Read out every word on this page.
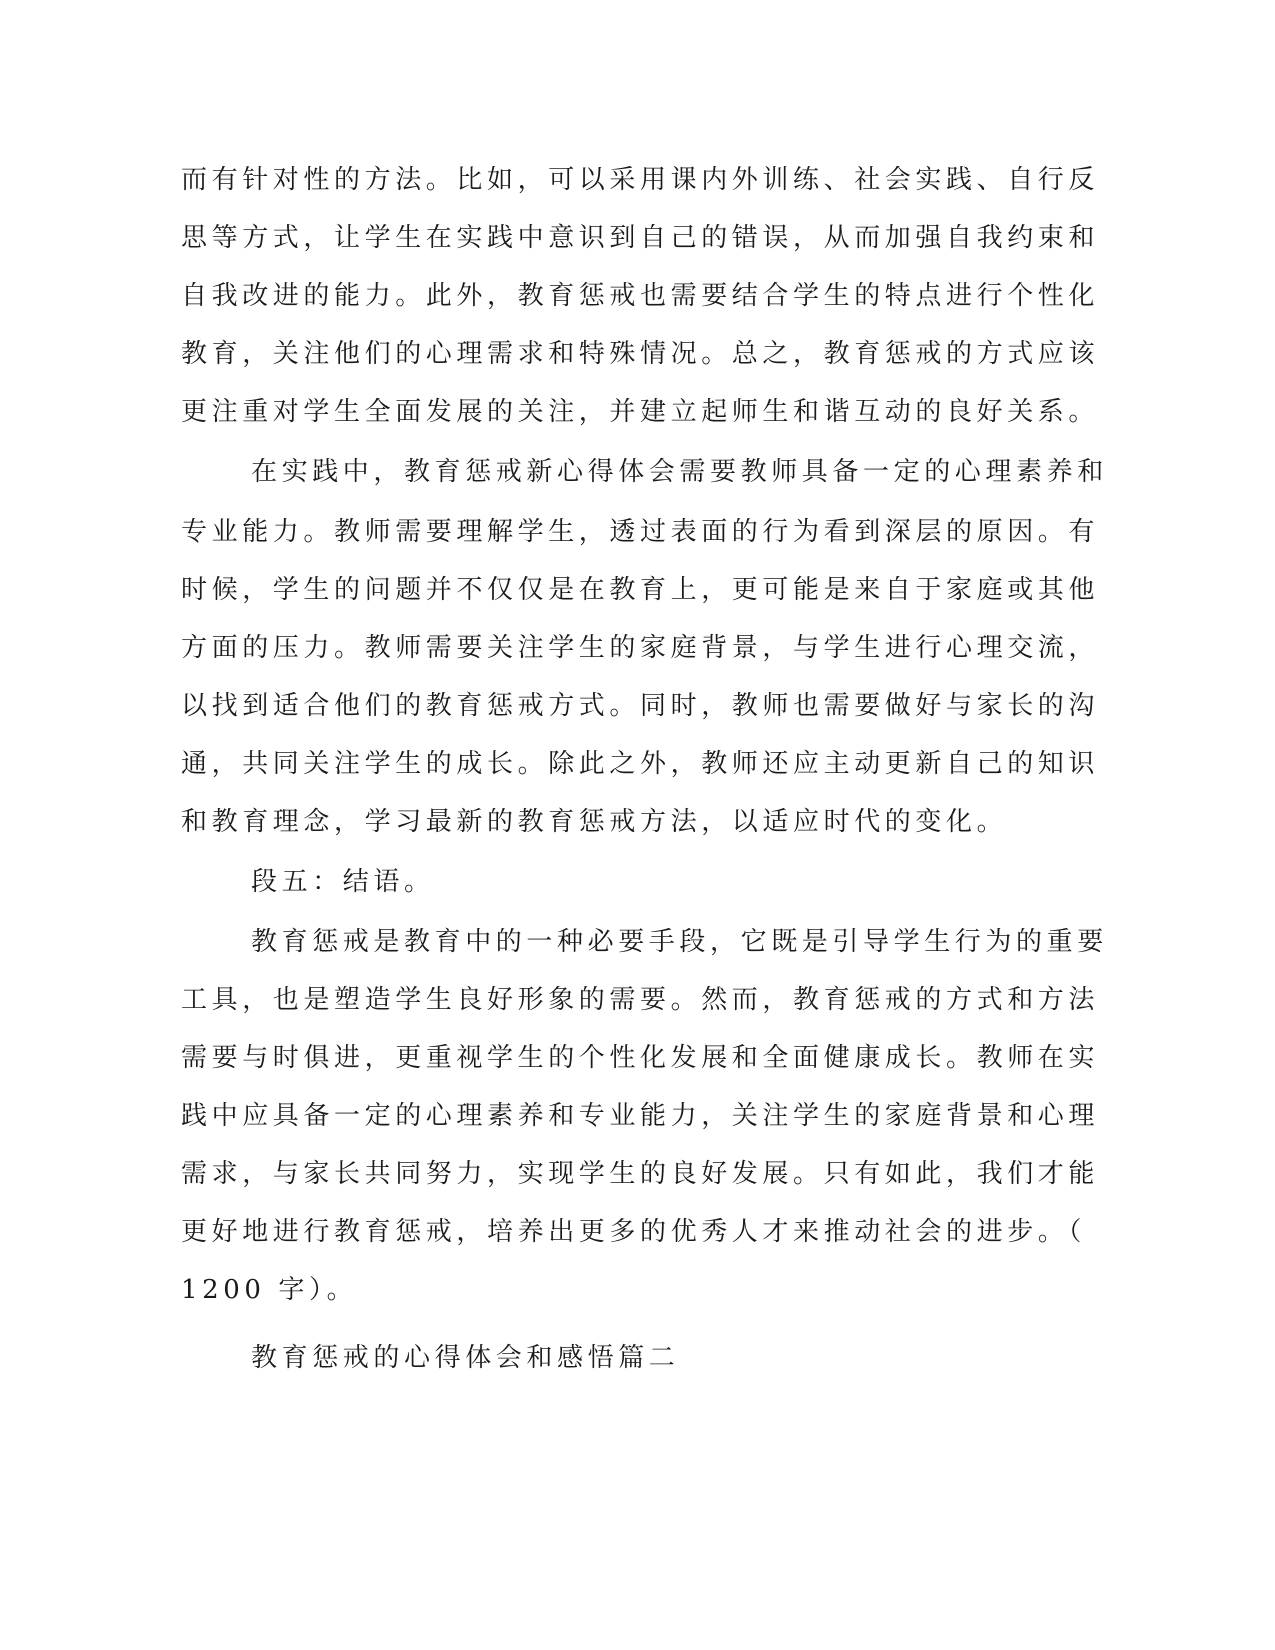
而有针对性的方法。比如，可以采用课内外训练、社会实践、自行反
思等方式，让学生在实践中意识到自己的错误，从而加强自我约束和
自我改进的能力。此外，教育惩戒也需要结合学生的特点进行个性化
教育，关注他们的心理需求和特殊情况。总之，教育惩戒的方式应该
更注重对学生全面发展的关注，并建立起师生和谐互动的良好关系。
在实践中，教育惩戒新心得体会需要教师具备一定的心理素养和
专业能力。教师需要理解学生，透过表面的行为看到深层的原因。有
时候，学生的问题并不仅仅是在教育上，更可能是来自于家庭或其他
方面的压力。教师需要关注学生的家庭背景，与学生进行心理交流，
以找到适合他们的教育惩戒方式。同时，教师也需要做好与家长的沟
通，共同关注学生的成长。除此之外，教师还应主动更新自己的知识
和教育理念，学习最新的教育惩戒方法，以适应时代的变化。
段五：结语。
教育惩戒是教育中的一种必要手段，它既是引导学生行为的重要
工具，也是塑造学生良好形象的需要。然而，教育惩戒的方式和方法
需要与时俱进，更重视学生的个性化发展和全面健康成长。教师在实
践中应具备一定的心理素养和专业能力，关注学生的家庭背景和心理
需求，与家长共同努力，实现学生的良好发展。只有如此，我们才能
更好地进行教育惩戒，培养出更多的优秀人才来推动社会的进步。（
1200 字）。
教育惩戒的心得体会和感悟篇二
